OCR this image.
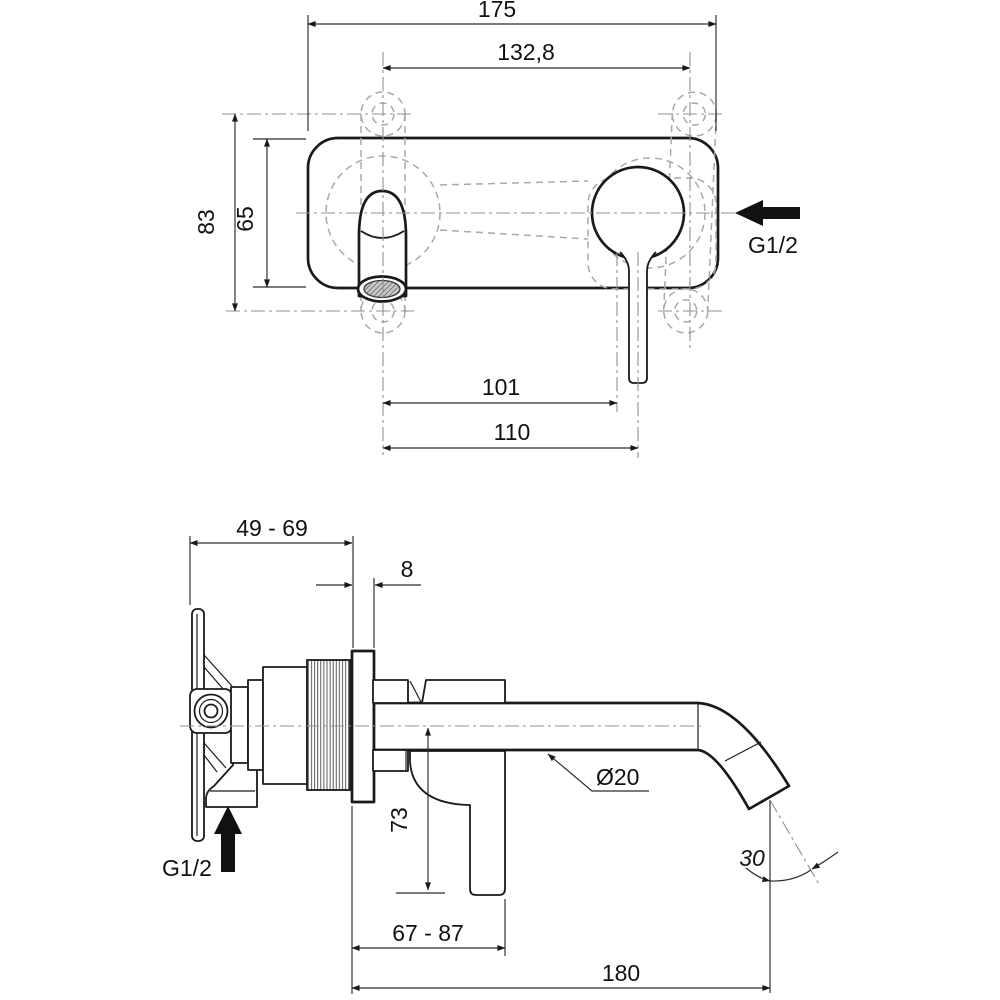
175
132,8
83 65
101
110
G1/2
49 - 69
8
73
Ø20
30
67 - 87
180
G1/2
